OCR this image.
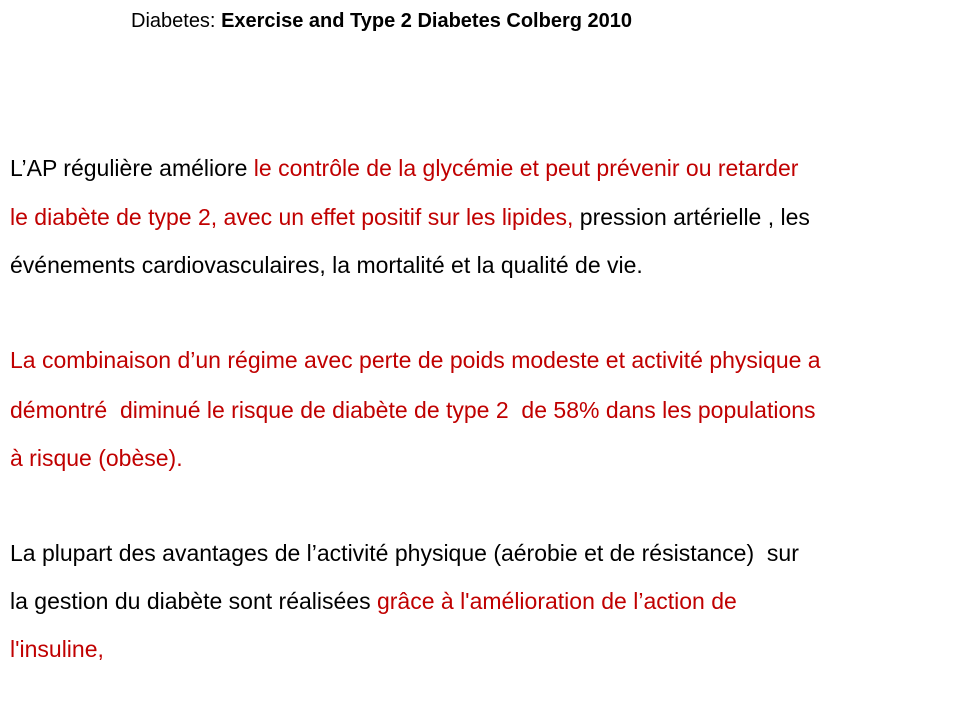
Diabetes: Exercise and Type 2 Diabetes Colberg 2010
L’AP régulière améliore le contrôle de la glycémie et peut prévenir ou retarder
le diabète de type 2, avec un effet positif sur les lipides, pression artérielle , les
événements cardiovasculaires, la mortalité et la qualité de vie.
La combinaison d’un régime avec perte de poids modeste et activité physique a
démontré  diminué le risque de diabète de type 2  de 58% dans les populations
à risque (obèse).
La plupart des avantages de l’activité physique (aérobie et de résistance)  sur
la gestion du diabète sont réalisées grâce à l'amélioration de l’action de
l'insuline,
